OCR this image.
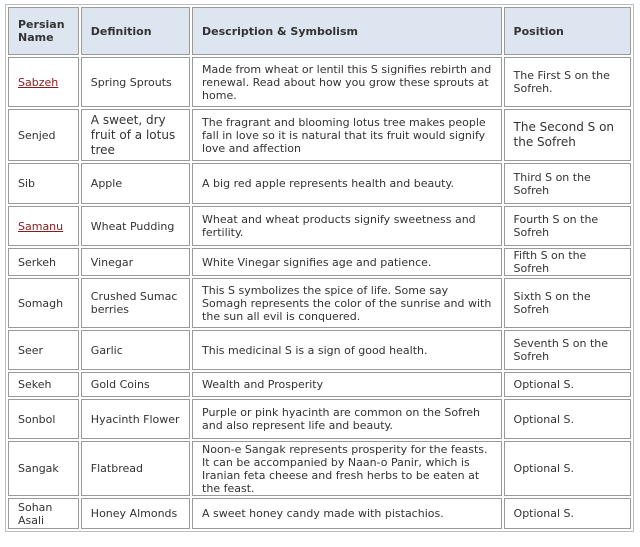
Persian Name	Definition	Description & Symbolism	Position
Sabzeh	Spring Sprouts	Made from wheat or lentil this S signifies rebirth and renewal. Read about how you grow these sprouts at home.	The First S on the Sofreh.
Senjed	A sweet, dry fruit of a lotus tree	The fragrant and blooming lotus tree makes people fall in love so it is natural that its fruit would signify love and affection	The Second S on the Sofreh
Sib	Apple	A big red apple represents health and beauty.	Third S on the Sofreh
Samanu	Wheat Pudding	Wheat and wheat products signify sweetness and fertility.	Fourth S on the Sofreh
Serkeh	Vinegar	White Vinegar signifies age and patience.	Fifth S on the Sofreh
Somagh	Crushed Sumac berries	This S symbolizes the spice of life. Some say Somagh represents the color of the sunrise and with the sun all evil is conquered.	Sixth S on the Sofreh
Seer	Garlic	This medicinal S is a sign of good health.	Seventh S on the Sofreh
Sekeh	Gold Coins	Wealth and Prosperity	Optional S.
Sonbol	Hyacinth Flower	Purple or pink hyacinth are common on the Sofreh and also represent life and beauty.	Optional S.
Sangak	Flatbread	Noon-e Sangak represents prosperity for the feasts. It can be accompanied by Naan-o Panir, which is Iranian feta cheese and fresh herbs to be eaten at the feast.	Optional S.
Sohan Asali	Honey Almonds	A sweet honey candy made with pistachios.	Optional S.
